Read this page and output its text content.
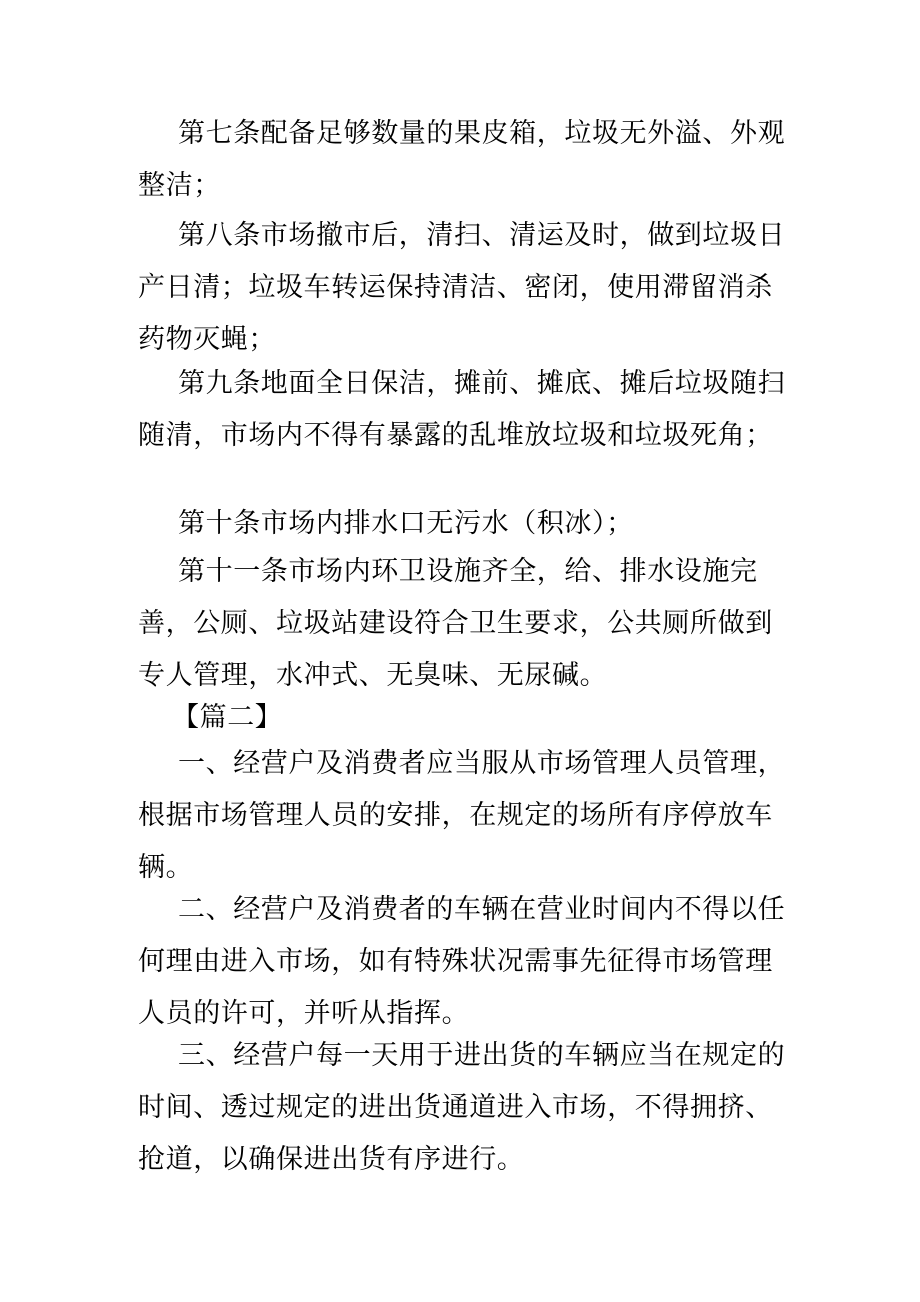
第七条配备足够数量的果皮箱，垃圾无外溢、外观整洁；

第八条市场撤市后，清扫、清运及时，做到垃圾日产日清；垃圾车转运保持清洁、密闭，使用滞留消杀药物灭蝇；

第九条地面全日保洁，摊前、摊底、摊后垃圾随扫随清，市场内不得有暴露的乱堆放垃圾和垃圾死角；

第十条市场内排水口无污水（积冰）；

第十一条市场内环卫设施齐全，给、排水设施完善，公厕、垃圾站建设符合卫生要求，公共厕所做到专人管理，水冲式、无臭味、无尿碱。

【篇二】

一、经营户及消费者应当服从市场管理人员管理，根据市场管理人员的安排，在规定的场所有序停放车辆。

二、经营户及消费者的车辆在营业时间内不得以任何理由进入市场，如有特殊状况需事先征得市场管理人员的许可，并听从指挥。

三、经营户每一天用于进出货的车辆应当在规定的时间、透过规定的进出货通道进入市场，不得拥挤、抢道，以确保进出货有序进行。
